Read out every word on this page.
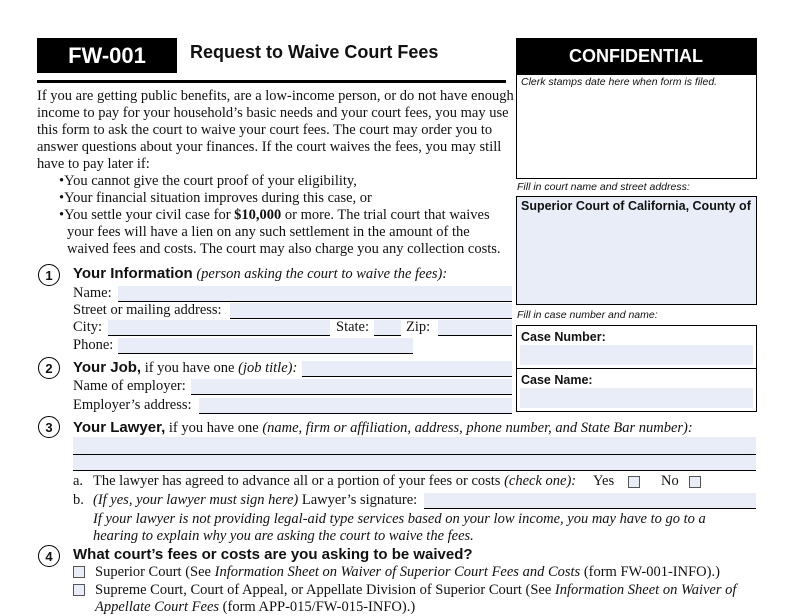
FW-001	Request to Waive Court Fees	CONFIDENTIAL
Clerk stamps date here when form is filed.
Fill in court name and street address:
Superior Court of California, County of
Fill in case number and name:
Case Number:
Case Name:

If you are getting public benefits, are a low-income person, or do not have enough income to pay for your household’s basic needs and your court fees, you may use this form to ask the court to waive your court fees. The court may order you to answer questions about your finances. If the court waives the fees, you may still have to pay later if:

•You cannot give the court proof of your eligibility,
•Your financial situation improves during this case, or
•You settle your civil case for $10,000 or more. The trial court that waives your fees will have a lien on any such settlement in the amount of the waived fees and costs. The court may also charge you any collection costs.
1	Your Information (person asking the court to waive the fees):
Name:
Street or mailing address:
City:	State:	Zip:
Phone:
2	Your Job, if you have one (job title):
Name of employer:
Employer’s address:
3	Your Lawyer, if you have one (name, firm or affiliation, address, phone number, and State Bar number):
a. The lawyer has agreed to advance all or a portion of your fees or costs (check one): Yes	No
b. (If yes, your lawyer must sign here) Lawyer’s signature:
If your lawyer is not providing legal-aid type services based on your low income, you may have to go to a hearing to explain why you are asking the court to waive the fees.
4	What court’s fees or costs are you asking to be waived?
Superior Court (See Information Sheet on Waiver of Superior Court Fees and Costs (form FW-001-INFO).)
Supreme Court, Court of Appeal, or Appellate Division of Superior Court (See Information Sheet on Waiver of Appellate Court Fees (form APP-015/FW-015-INFO).)
